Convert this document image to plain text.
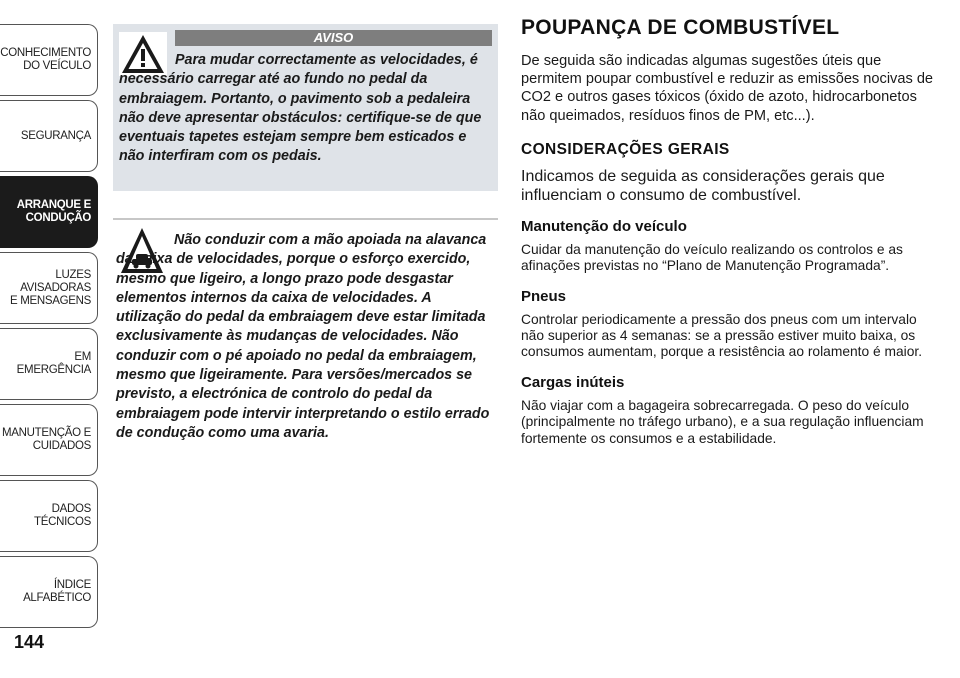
CONHECIMENTO
DO VEÍCULO
SEGURANÇA
ARRANQUE E
CONDUÇÃO
LUZES AVISADORAS
E MENSAGENS
EM EMERGÊNCIA
MANUTENÇÃO E
CUIDADOS
DADOS TÉCNICOS
ÍNDICE ALFABÉTICO
144
AVISO
Para mudar correctamente as velocidades, é necessário carregar até ao fundo no pedal da embraiagem. Portanto, o pavimento sob a pedaleira não deve apresentar obstáculos: certifique-se de que eventuais tapetes estejam sempre bem esticados e não interfiram com os pedais.
Não conduzir com a mão apoiada na alavanca da caixa de velocidades, porque o esforço exercido, mesmo que ligeiro, a longo prazo pode desgastar elementos internos da caixa de velocidades. A utilização do pedal da embraiagem deve estar limitada exclusivamente às mudanças de velocidades. Não conduzir com o pé apoiado no pedal da embraiagem, mesmo que ligeiramente. Para versões/mercados se previsto, a electrónica de controlo do pedal da embraiagem pode intervir interpretando o estilo errado de condução como uma avaria.
POUPANÇA DE COMBUSTÍVEL

De seguida são indicadas algumas sugestões úteis que permitem poupar combustível e reduzir as emissões nocivas de CO2 e outros gases tóxicos (óxido de azoto, hidrocarbonetos não queimados, resíduos finos de PM, etc...).

CONSIDERAÇÕES GERAIS

Indicamos de seguida as considerações gerais que influenciam o consumo de combustível.

Manutenção do veículo

Cuidar da manutenção do veículo realizando os controlos e as afinações previstas no “Plano de Manutenção Programada”.

Pneus

Controlar periodicamente a pressão dos pneus com um intervalo não superior as 4 semanas: se a pressão estiver muito baixa, os consumos aumentam, porque a resistência ao rolamento é maior.

Cargas inúteis

Não viajar com a bagageira sobrecarregada. O peso do veículo (principalmente no tráfego urbano), e a sua regulação influenciam fortemente os consumos e a estabilidade.
